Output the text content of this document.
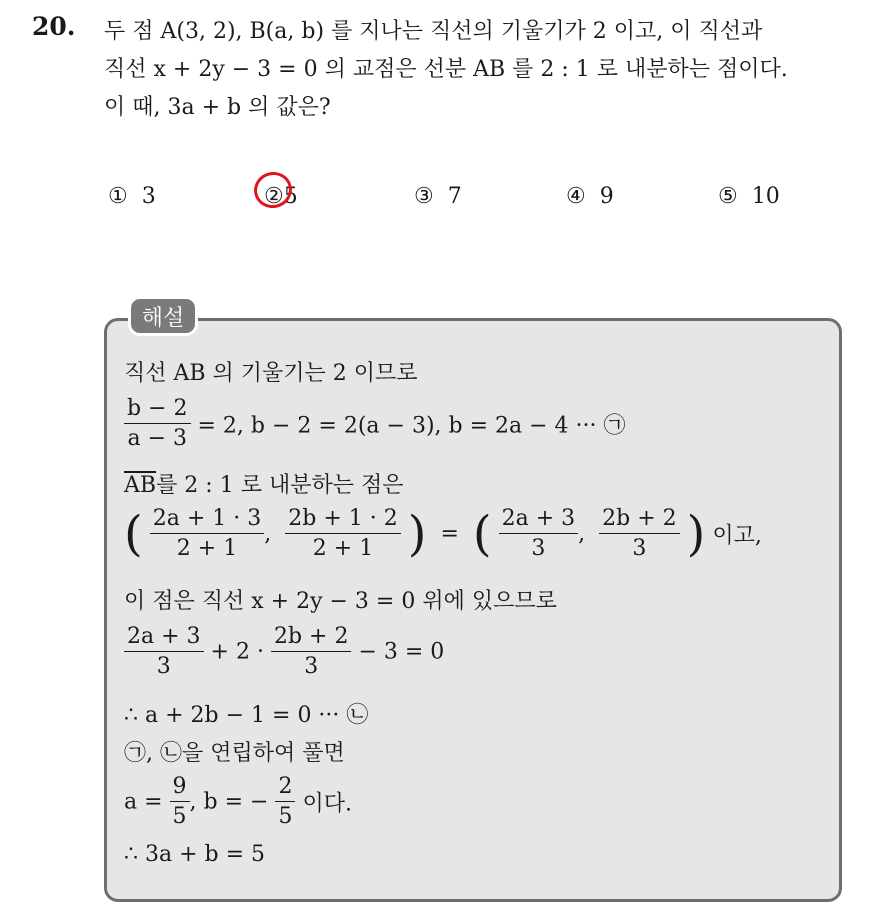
20. 두 점 A(3, 2), B(a, b) 를 지나는 직선의 기울기가 2 이고, 이 직선과
직선 x + 2y − 3 = 0 의 교점은 선분 AB 를 2 : 1 로 내분하는 점이다.
이 때, 3a + b 의 값은?
① 3	②5	③ 7	④ 9	⑤ 10
해설
직선 AB 의 기울기는 2 이므로
$\frac{b - 2}{a - 3} = 2$, b − 2 = 2(a − 3), b = 2a − 4 ··· ㉠
$\overline{AB}$를 2 : 1 로 내분하는 점은
( $\frac{2a + 1 \cdot 3}{2 + 1}$ , $\frac{2b + 1 \cdot 2}{2 + 1}$ )  =  ( $\frac{2a + 3}{3}$ , $\frac{2b + 2}{3}$ ) 이고,
이 점은 직선 x + 2y − 3 = 0 위에 있으므로
$\frac{2a + 3}{3} + 2 \cdot \frac{2b + 2}{3} - 3 = 0$
∴ a + 2b − 1 = 0 ··· ㉡
㉠, ㉡을 연립하여 풀면
$a = \frac{9}{5}$ , b = − $\frac{2}{5}$ 이다.
∴ 3a + b = 5
